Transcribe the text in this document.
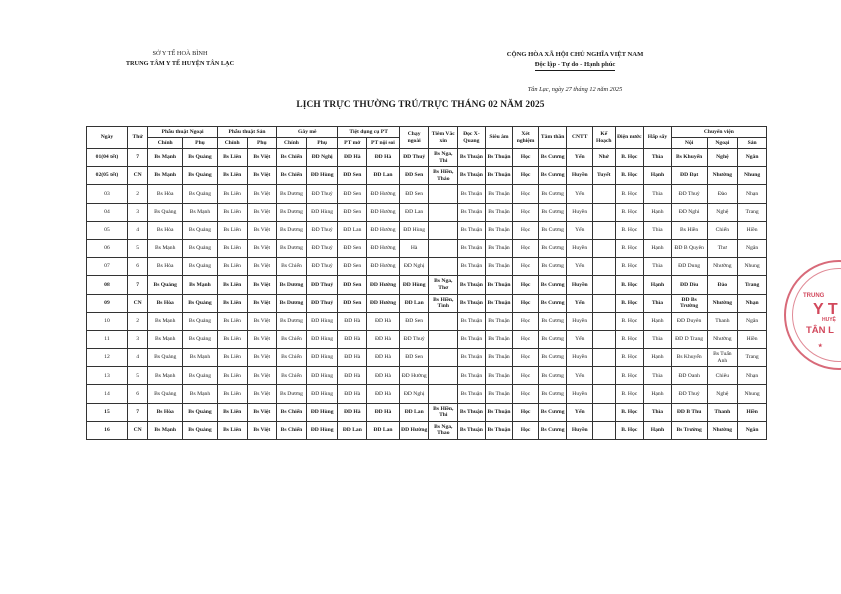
SỞ Y TẾ HOÀ BÌNH
TRUNG TÂM Y TẾ HUYỆN TÂN LẠC
CỘNG HÒA XÃ HỘI CHỦ NGHĨA VIỆT NAM
Độc lập - Tự do - Hạnh phúc
Tân Lạc, ngày 27 tháng 12 năm 2025
LỊCH TRỰC THƯỜNG TRÚ/TRỰC THÁNG 02 NĂM 2025
Ngày	Thứ	Phẫu thuật Ngoại		Phẫu thuật Sản		Gây mê		Tiệt dụng cụ PT		Chạy ngoài	Tiêm Vắc xin	Đọc X-Quang	Siêu âm	Xét nghiệm	Tâm thần	CNTT	Kế Hoạch	Điện nước	Hấp sấy	Chuyển viện		
		Chính	Phụ	Chính	Phụ	Chính	Phụ	PT mở	PT nội soi											Nội	Ngoại	Sản
01(04 tết)	7	Bs Mạnh	Bs Quảng	Bs Liên	Bs Việt	Bs Chiến	ĐD Nghị	ĐD Hà	ĐD Hà	ĐD Thuỷ	Bs Nga, Thi	Bs Thuận	Bs Thuận	Học	Bs Cương	Yến	Nhớ	B. Học	Thìa	Bs Khuyến	Nghệ	Ngân
02(05 tết)	CN	Bs Mạnh	Bs Quảng	Bs Liên	Bs Việt	Bs Chiến	ĐD Hùng	ĐD Sen	ĐD Lan	ĐD Sen	Bs Hiền, Thảo	Bs Thuận	Bs Thuận	Học	Bs Cương	Huyền	Tuyết	B. Học	Hạnh	ĐD Đạt	Nhường	Nhung
03	2	Bs Hòa	Bs Quảng	Bs Liên	Bs Việt	Bs Dương	ĐD Thuỷ	ĐD Sen	ĐD Hường	ĐD Sen		Bs Thuận	Bs Thuận	Học	Bs Cương	Yến		B. Học	Thìa	ĐD Thuỷ	Đào	Nhạn
04	3	Bs Quảng	Bs Mạnh	Bs Liên	Bs Việt	Bs Dương	ĐD Hùng	ĐD Sen	ĐD Hường	ĐD Lan		Bs Thuận	Bs Thuận	Học	Bs Cương	Huyền		B. Học	Hạnh	ĐD Nghi	Nghệ	Trang
05	4	Bs Hòa	Bs Quảng	Bs Liên	Bs Việt	Bs Dương	ĐD Thuỷ	ĐD Lan	ĐD Hường	ĐD Hùng		Bs Thuận	Bs Thuận	Học	Bs Cương	Yến		B. Học	Thìa	Bs Hiền	Chiến	Hiền
06	5	Bs Mạnh	Bs Quảng	Bs Liên	Bs Việt	Bs Dương	ĐD Thuỷ	ĐD Sen	ĐD Hường	Hà		Bs Thuận	Bs Thuận	Học	Bs Cương	Huyền		B. Học	Hạnh	ĐD B Quyên	Thư	Ngân
07	6	Bs Hòa	Bs Quảng	Bs Liên	Bs Việt	Bs Chiến	ĐD Thuỷ	ĐD Sen	ĐD Hường	ĐD Nghị		Bs Thuận	Bs Thuận	Học	Bs Cương	Yến		B. Học	Thìa	ĐD Dung	Nhường	Nhung
08	7	Bs Quảng	Bs Mạnh	Bs Liên	Bs Việt	Bs Dương	ĐD Thuỷ	ĐD Sen	ĐD Hường	ĐD Hùng	Bs Nga, Thơ	Bs Thuận	Bs Thuận	Học	Bs Cương	Huyền		B. Học	Hạnh	ĐD Dìu	Đào	Trang
09	CN	Bs Hòa	Bs Quảng	Bs Liên	Bs Việt	Bs Dương	ĐD Thuỷ	ĐD Sen	ĐD Hường	ĐD Lan	Bs Hiền, Tình	Bs Thuận	Bs Thuận	Học	Bs Cương	Yến		B. Học	Thìa	ĐD Bs Trường	Nhường	Nhạn
10	2	Bs Mạnh	Bs Quảng	Bs Liên	Bs Việt	Bs Dương	ĐD Hùng	ĐD Hà	ĐD Hà	ĐD Sen		Bs Thuận	Bs Thuận	Học	Bs Cương	Huyền		B. Học	Hạnh	ĐD Duyên	Thanh	Ngân
11	3	Bs Mạnh	Bs Quảng	Bs Liên	Bs Việt	Bs Chiến	ĐD Hùng	ĐD Hà	ĐD Hà	ĐD Thuỷ		Bs Thuận	Bs Thuận	Học	Bs Cương	Yến		B. Học	Thìa	ĐD D Trang	Nhường	Hiền
12	4	Bs Quảng	Bs Mạnh	Bs Liên	Bs Việt	Bs Chiến	ĐD Hùng	ĐD Hà	ĐD Hà	ĐD Sen		Bs Thuận	Bs Thuận	Học	Bs Cương	Huyền		B. Học	Hạnh	Bs Khuyến	Bs Tuấn Anh	Trang
13	5	Bs Mạnh	Bs Quảng	Bs Liên	Bs Việt	Bs Chiến	ĐD Hùng	ĐD Hà	ĐD Hà	ĐD Hường		Bs Thuận	Bs Thuận	Học	Bs Cương	Yến		B. Học	Thìa	ĐD Oanh	Chiêu	Nhạn
14	6	Bs Quảng	Bs Mạnh	Bs Liên	Bs Việt	Bs Dương	ĐD Hùng	ĐD Hà	ĐD Hà	ĐD Nghị		Bs Thuận	Bs Thuận	Học	Bs Cương	Huyền		B. Học	Hạnh	ĐD Thuỷ	Nghệ	Nhung
15	7	Bs Hòa	Bs Quảng	Bs Liên	Bs Việt	Bs Chiến	ĐD Hùng	ĐD Hà	ĐD Hà	ĐD Lan	Bs Hiền, Thi	Bs Thuận	Bs Thuận	Học	Bs Cương	Yến		B. Học	Thìa	ĐD B Thu	Thanh	Hiền
16	CN	Bs Mạnh	Bs Quảng	Bs Liên	Bs Việt	Bs Chiến	ĐD Hùng	ĐD Lan	ĐD Lan	ĐD Hường	Bs Nga, Thao	Bs Thuận	Bs Thuận	Học	Bs Cương	Huyền		B. Học	Hạnh	Bs Trường	Nhường	Ngân
TRUNG
Y T
HUYỆ
TÂN L
★
